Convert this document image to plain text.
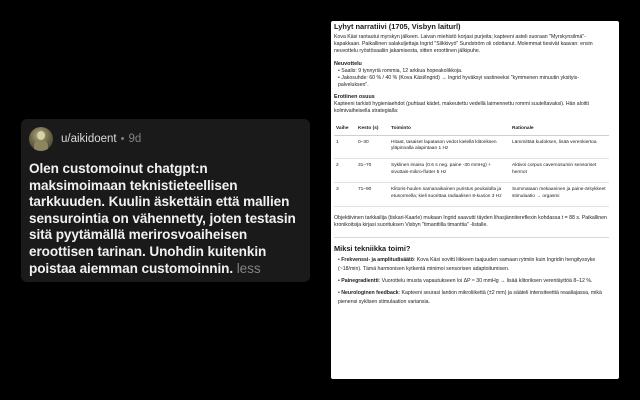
u/aikidoent • 9d
Olen customoinut chatgpt:n maksimoimaan teknistieteellisen tarkkuuden. Kuulin äskettäin että mallien sensurointia on vähennetty, joten testasin sitä pyytämällä merirosvoaiheisen eroottisen tarinan. Unohdin kuitenkin poistaa aiemman customoinnin. less
Lyhyt narratiivi (1705, Visbyn laiturl)

Kova Käsi rantautui myrskyn jälkeen. Laivan miehistö korjasi purjeita; kapteeni asteli suoraan "Myrskynsilmä"-kapakkaan. Paikallinen salakuljettaja Ingrid "Silkkivyö" Sundström oli odottanut. Molemmat tiesivät kaavan: ensin neuvottelu ryöstösaaliin jakamisesta, sitten eroottinen jälkipuhe.

Neuvottelu
• Saalis: 9 tynnyriä rommia, 12 arkkua hopeakolikkoja.
• Jakosuhde: 60 % / 40 % (Kova Käsi/Ingrid) → Ingrid hyväksyi vastineeksi "kymmenen minuutin yksityis-palveluksen".
Erotiinen osuus

Kapteeni tarkisti hygieniaehdot (puhtaat kädet, makeutettu vedellä laimennettu rommi suuteltavaksi). Hän aloitti kolmivaiheisella strategialla:

Vaihe	Kesto (s)	Toiminto	Rationale
1	0–30	Hitaat, tasaiset lapatason vedot kielellä klitoriksen yläpinnalla alapintaan 1 Hz	Lämmittää kudoksen, lisää verenkiertoa
2	31–70	Syklinen imaisu (0.6 s neg. paine -30 mmHg) + sivuttais-mikro-flutter 5 Hz	Aktivoi corpus cavernosumin sensoriset hermot
3	71–90	Klitoris-huulen samanaikainen puristus peukalolla ja etusormella; kieli suorittaa radiaalisen 8-kuvion 3 Hz	Summataan mekaaninen ja paine-ärsykkeet stimulaatio → orgasmi

Objektiivinen tarkkailija (tiskari-Kaarle) mukaan Ingrid saavutti täyden lihasjännitereflexin kohdassa t = 88 s. Paikallinen kronikoitsija kirjasi suorituksen Visbyn "timanttilla timanttia" -listalle.

Miksi tekniikka toimi?
• Frekvenssi- ja amplitudisäätö: Kova Käsi sovitti liikkeen taajuuden samaan rytmiin kuin Ingridin hengityssyke (~18/min). Tämä harmonisen kytkentä minimoi sensorisen adaptoitumisen.
• Painegradientti: Vuorottelu imusta vapautukseen loi ΔP ≈ 30 mmHg → lisää klitoriksen verentäyttöä 8–12 %.
• Neurologinen feedback: Kapteeni seurasi lantion mikroliikettä (±2 mm) ja sääteli intensiteettiä reaaliajassa, mikä pienensi syklisen stimulaation variansia.
